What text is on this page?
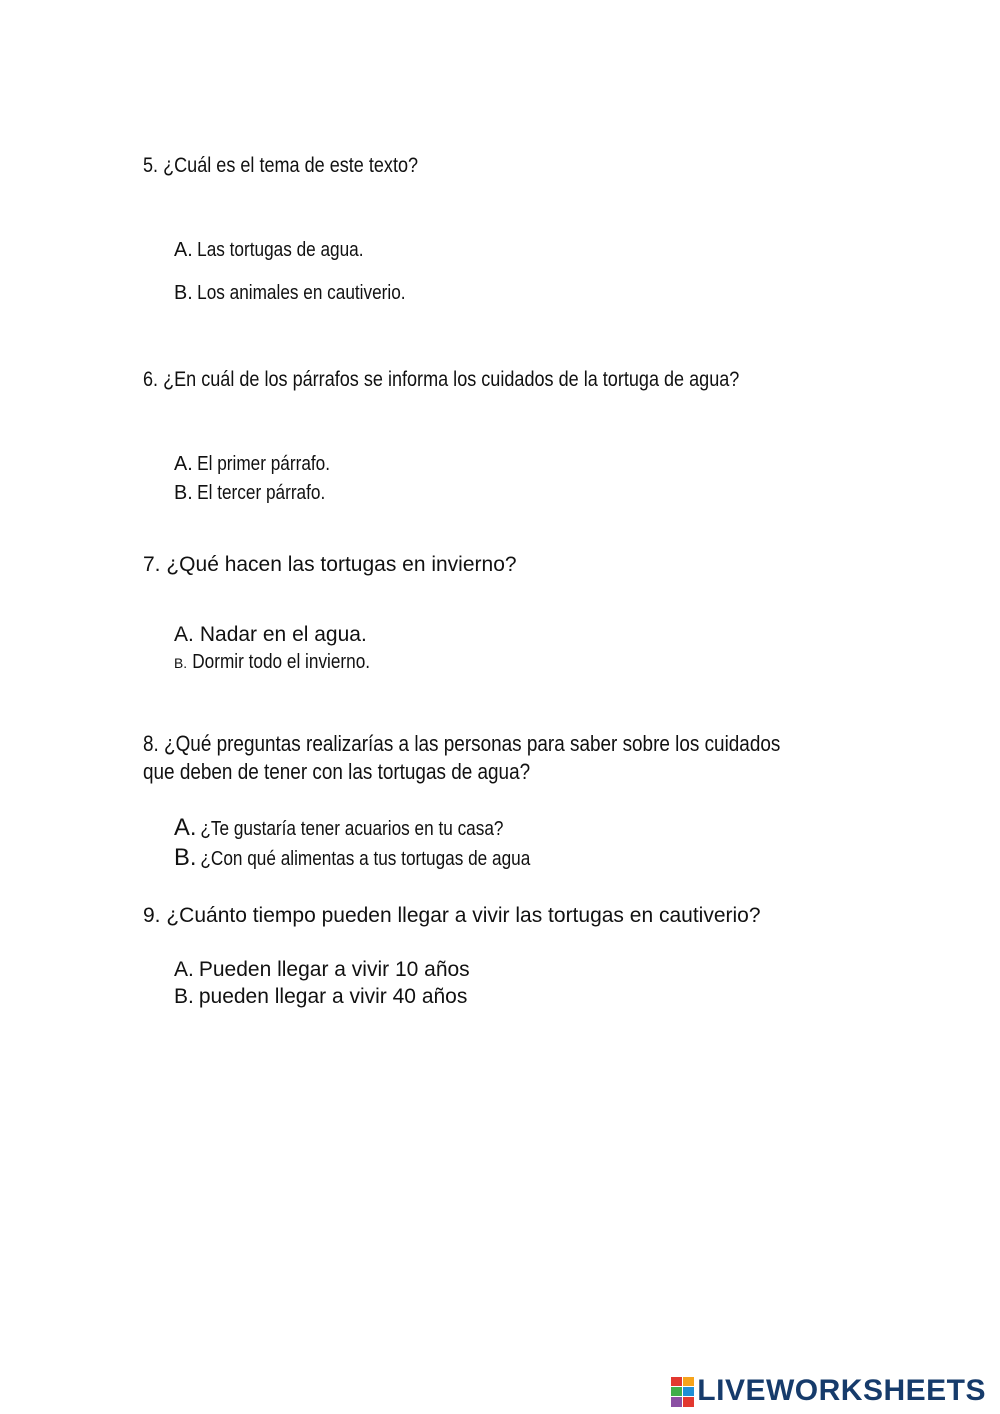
5. ¿Cuál es el tema de este texto?
A. Las tortugas de agua.
B. Los animales en cautiverio.
6. ¿En cuál de los párrafos se informa los cuidados de la tortuga de agua?
A. El primer párrafo.
B. El tercer párrafo.
7. ¿Qué hacen las tortugas en invierno?
A. Nadar en el agua.
B. Dormir todo el invierno.
8. ¿Qué preguntas realizarías a las personas para saber sobre los cuidados
que deben de tener con las tortugas de agua?
A. ¿Te gustaría tener acuarios en tu casa?
B. ¿Con qué alimentas a tus tortugas de agua
9. ¿Cuánto tiempo pueden llegar a vivir las tortugas en cautiverio?
A. Pueden llegar a vivir 10 años
B. pueden llegar a vivir 40 años
LIVEWORKSHEETS
